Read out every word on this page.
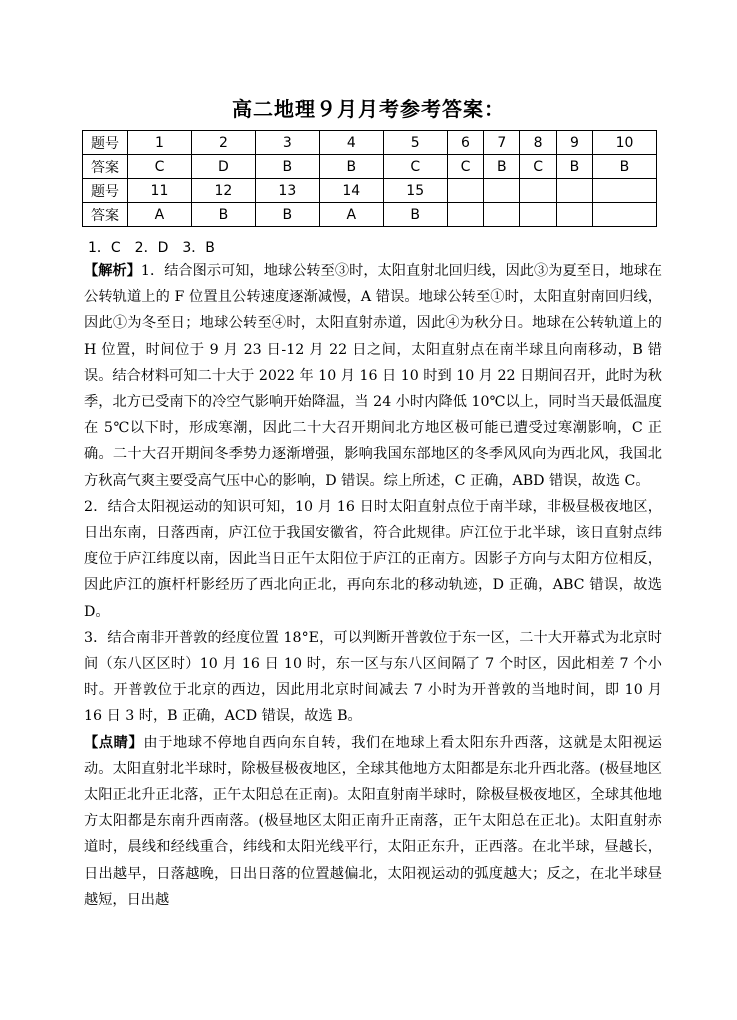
高二地理９月月考参考答案：
题号	1	2	3	4	5	6	7	8	9	10
答案	C	D	B	B	C	C	B	C	B	B
题号	11	12	13	14	15					
答案	A	B	B	A	B					
1．C　2．D　3．B

【解析】1．结合图示可知，地球公转至③时，太阳直射北回归线，因此③为夏至日，地球在公转轨道上的 F 位置且公转速度逐渐减慢，A 错误。地球公转至①时，太阳直射南回归线，因此①为冬至日；地球公转至④时，太阳直射赤道，因此④为秋分日。地球在公转轨道上的 H 位置，时间位于 9 月 23 日-12 月 22 日之间，太阳直射点在南半球且向南移动，B 错误。结合材料可知二十大于 2022 年 10 月 16 日 10 时到 10 月 22 日期间召开，此时为秋季，北方已受南下的冷空气影响开始降温，当 24 小时内降低 10℃以上，同时当天最低温度在 5℃以下时，形成寒潮，因此二十大召开期间北方地区极可能已遭受过寒潮影响，C 正确。二十大召开期间冬季势力逐渐增强，影响我国东部地区的冬季风风向为西北风，我国北方秋高气爽主要受高气压中心的影响，D 错误。综上所述，C 正确，ABD 错误，故选 C。

2．结合太阳视运动的知识可知，10 月 16 日时太阳直射点位于南半球，非极昼极夜地区，日出东南，日落西南，庐江位于我国安徽省，符合此规律。庐江位于北半球，该日直射点纬度位于庐江纬度以南，因此当日正午太阳位于庐江的正南方。因影子方向与太阳方位相反，因此庐江的旗杆杆影经历了西北向正北，再向东北的移动轨迹，D 正确，ABC 错误，故选 D。

3．结合南非开普敦的经度位置 18°E，可以判断开普敦位于东一区，二十大开幕式为北京时间（东八区区时）10 月 16 日 10 时，东一区与东八区间隔了 7 个时区，因此相差 7 个小时。开普敦位于北京的西边，因此用北京时间减去 7 小时为开普敦的当地时间，即 10 月 16 日 3 时，B 正确，ACD 错误，故选 B。

【点睛】由于地球不停地自西向东自转，我们在地球上看太阳东升西落，这就是太阳视运动。太阳直射北半球时，除极昼极夜地区，全球其他地方太阳都是东北升西北落。(极昼地区太阳正北升正北落，正午太阳总在正南)。太阳直射南半球时，除极昼极夜地区，全球其他地方太阳都是东南升西南落。(极昼地区太阳正南升正南落，正午太阳总在正北)。太阳直射赤道时，晨线和经线重合，纬线和太阳光线平行，太阳正东升，正西落。在北半球，昼越长，日出越早，日落越晚，日出日落的位置越偏北，太阳视运动的弧度越大；反之，在北半球昼越短，日出越
